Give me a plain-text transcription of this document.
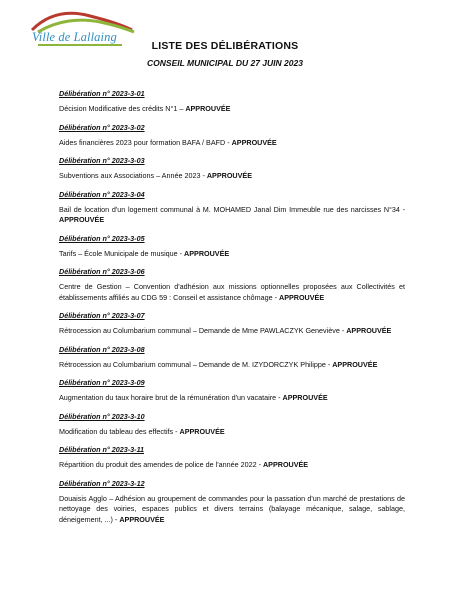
Ville de Lallaing
LISTE DES DÉLIBÉRATIONS
CONSEIL MUNICIPAL DU 27 JUIN 2023
Délibération n° 2023-3-01
Décision Modificative des crédits N°1 – APPROUVÉE
Délibération n° 2023-3-02
Aides financières 2023 pour formation BAFA / BAFD - APPROUVÉE
Délibération n° 2023-3-03
Subventions aux Associations – Année 2023 - APPROUVÉE
Délibération n° 2023-3-04
Bail de location d'un logement communal à M. MOHAMED Janal Dim Immeuble rue des narcisses N°34 - APPROUVÉE
Délibération n° 2023-3-05
Tarifs – École Municipale de musique - APPROUVÉE
Délibération n° 2023-3-06
Centre de Gestion – Convention d'adhésion aux missions optionnelles proposées aux Collectivités et établissements affiliés au CDG 59 : Conseil et assistance chômage - APPROUVÉE
Délibération n° 2023-3-07
Rétrocession au Columbarium communal – Demande de Mme PAWLACZYK Geneviève - APPROUVÉE
Délibération n° 2023-3-08
Rétrocession au Columbarium communal – Demande de M. IZYDORCZYK Philippe - APPROUVÉE
Délibération n° 2023-3-09
Augmentation du taux horaire brut de la rémunération d'un vacataire - APPROUVÉE
Délibération n° 2023-3-10
Modification du tableau des effectifs - APPROUVÉE
Délibération n° 2023-3-11
Répartition du produit des amendes de police de l'année 2022 - APPROUVÉE
Délibération n° 2023-3-12
Douaisis Agglo – Adhésion au groupement de commandes pour la passation d'un marché de prestations de nettoyage des voiries, espaces publics et divers terrains (balayage mécanique, salage, sablage, déneigement, ...) - APPROUVÉE
